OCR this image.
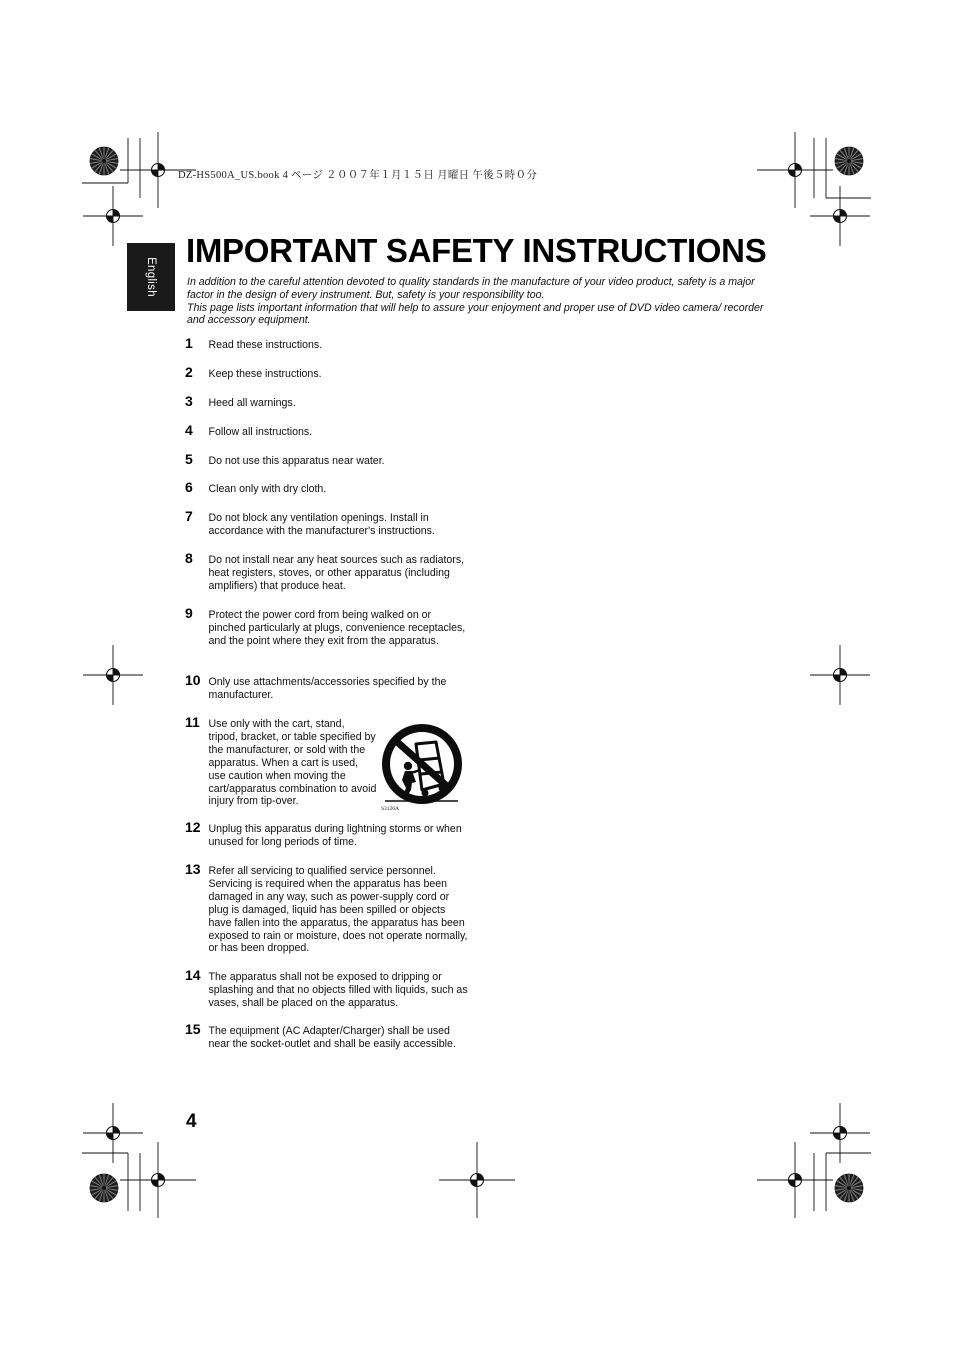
DZ-HS500A_US.book 4 ページ ２００７年１月１５日 月曜日 午後５時０分
English
IMPORTANT SAFETY INSTRUCTIONS

In addition to the careful attention devoted to quality standards in the manufacture of your video product, safety is a major factor in the design of every instrument. But, safety is your responsibility too.

This page lists important information that will help to assure your enjoyment and proper use of DVD video camera/ recorder and accessory equipment.

1 Read these instructions.
2 Keep these instructions.
3 Heed all warnings.
4 Follow all instructions.
5 Do not use this apparatus near water.
6 Clean only with dry cloth.
7 Do not block any ventilation openings. Install in accordance with the manufacturer's instructions.
8 Do not install near any heat sources such as radiators, heat registers, stoves, or other apparatus (including amplifiers) that produce heat.
9 Protect the power cord from being walked on or pinched particularly at plugs, convenience receptacles, and the point where they exit from the apparatus.
10 Only use attachments/accessories specified by the manufacturer.
11 Use only with the cart, stand, tripod, bracket, or table specified by the manufacturer, or sold with the apparatus. When a cart is used, use caution when moving the cart/apparatus combination to avoid injury from tip-over.
12 Unplug this apparatus during lightning storms or when unused for long periods of time.
13 Refer all servicing to qualified service personnel. Servicing is required when the apparatus has been damaged in any way, such as power-supply cord or plug is damaged, liquid has been spilled or objects have fallen into the apparatus, the apparatus has been exposed to rain or moisture, does not operate normally, or has been dropped.
14 The apparatus shall not be exposed to dripping or splashing and that no objects filled with liquids, such as vases, shall be placed on the apparatus.
15 The equipment (AC Adapter/Charger) shall be used near the socket-outlet and shall be easily accessible.
S3126A
4
